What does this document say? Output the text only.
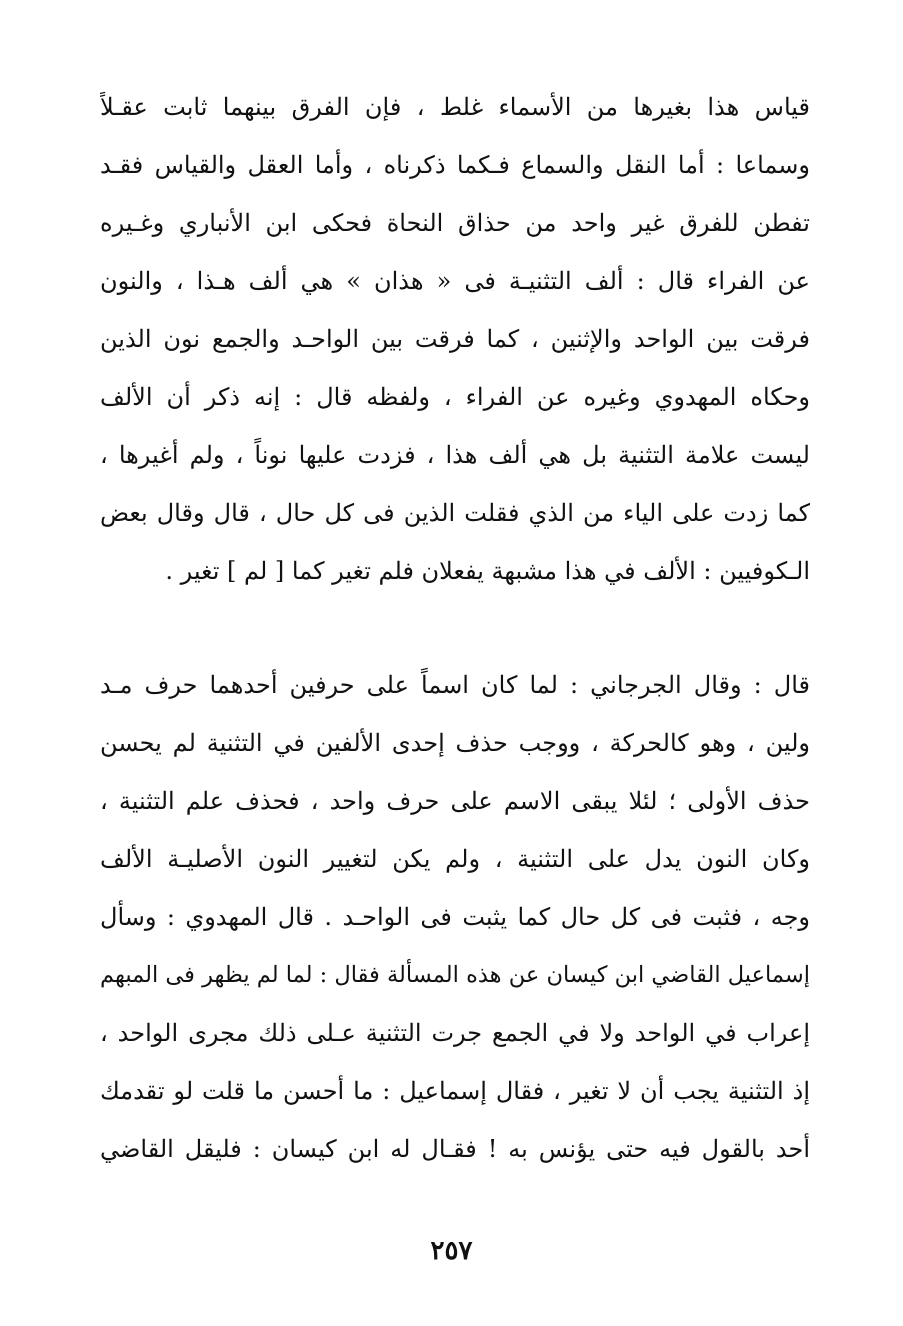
قياس هذا بغيرها من الأسماء غلط ، فإن الفرق بينهما ثابت عقـلاً
وسماعا : أما النقل والسماع فـكما ذكرناه ، وأما العقل والقياس فقـد
تفطن للفرق غير واحد من حذاق النحاة فحكى ابن الأنباري وغـيره
عن الفراء قال : ألف التثنيـة فى « هذان » هي ألف هـذا ، والنون
فرقت بين الواحد والإثنين ، كما فرقت بين الواحـد والجمع نون الذين
وحكاه المهدوي وغيره عن الفراء ، ولفظه قال : إنه ذكر أن الألف
ليست علامة التثنية بل هي ألف هذا ، فزدت عليها نوناً ، ولم أغيرها ،
كما زدت على الياء من الذي فقلت الذين فى كل حال ، قال وقال بعض
الـكوفيين : الألف في هذا مشبهة يفعلان فلم تغير كما [ لم ] تغير .
قال : وقال الجرجاني : لما كان اسماً على حرفين أحدهما حرف مـد
ولين ، وهو كالحركة ، ووجب حذف إحدى الألفين في التثنية لم يحسن
حذف الأولى ؛ لئلا يبقى الاسم على حرف واحد ، فحذف علم التثنية ،
وكان النون يدل على التثنية ، ولم يكن لتغيير النون الأصليـة الألف
وجه ، فثبت فى كل حال كما يثبت فى الواحـد . قال المهدوي : وسأل
إسماعيل القاضي ابن كيسان عن هذه المسألة فقال : لما لم يظهر فى المبهم
إعراب في الواحد ولا في الجمع جرت التثنية عـلى ذلك مجرى الواحد ،
إذ التثنية يجب أن لا تغير ، فقال إسماعيل : ما أحسن ما قلت لو تقدمك
أحد بالقول فيه حتى يؤنس به ! فقـال له ابن كيسان : فليقل القاضي
٢٥٧
